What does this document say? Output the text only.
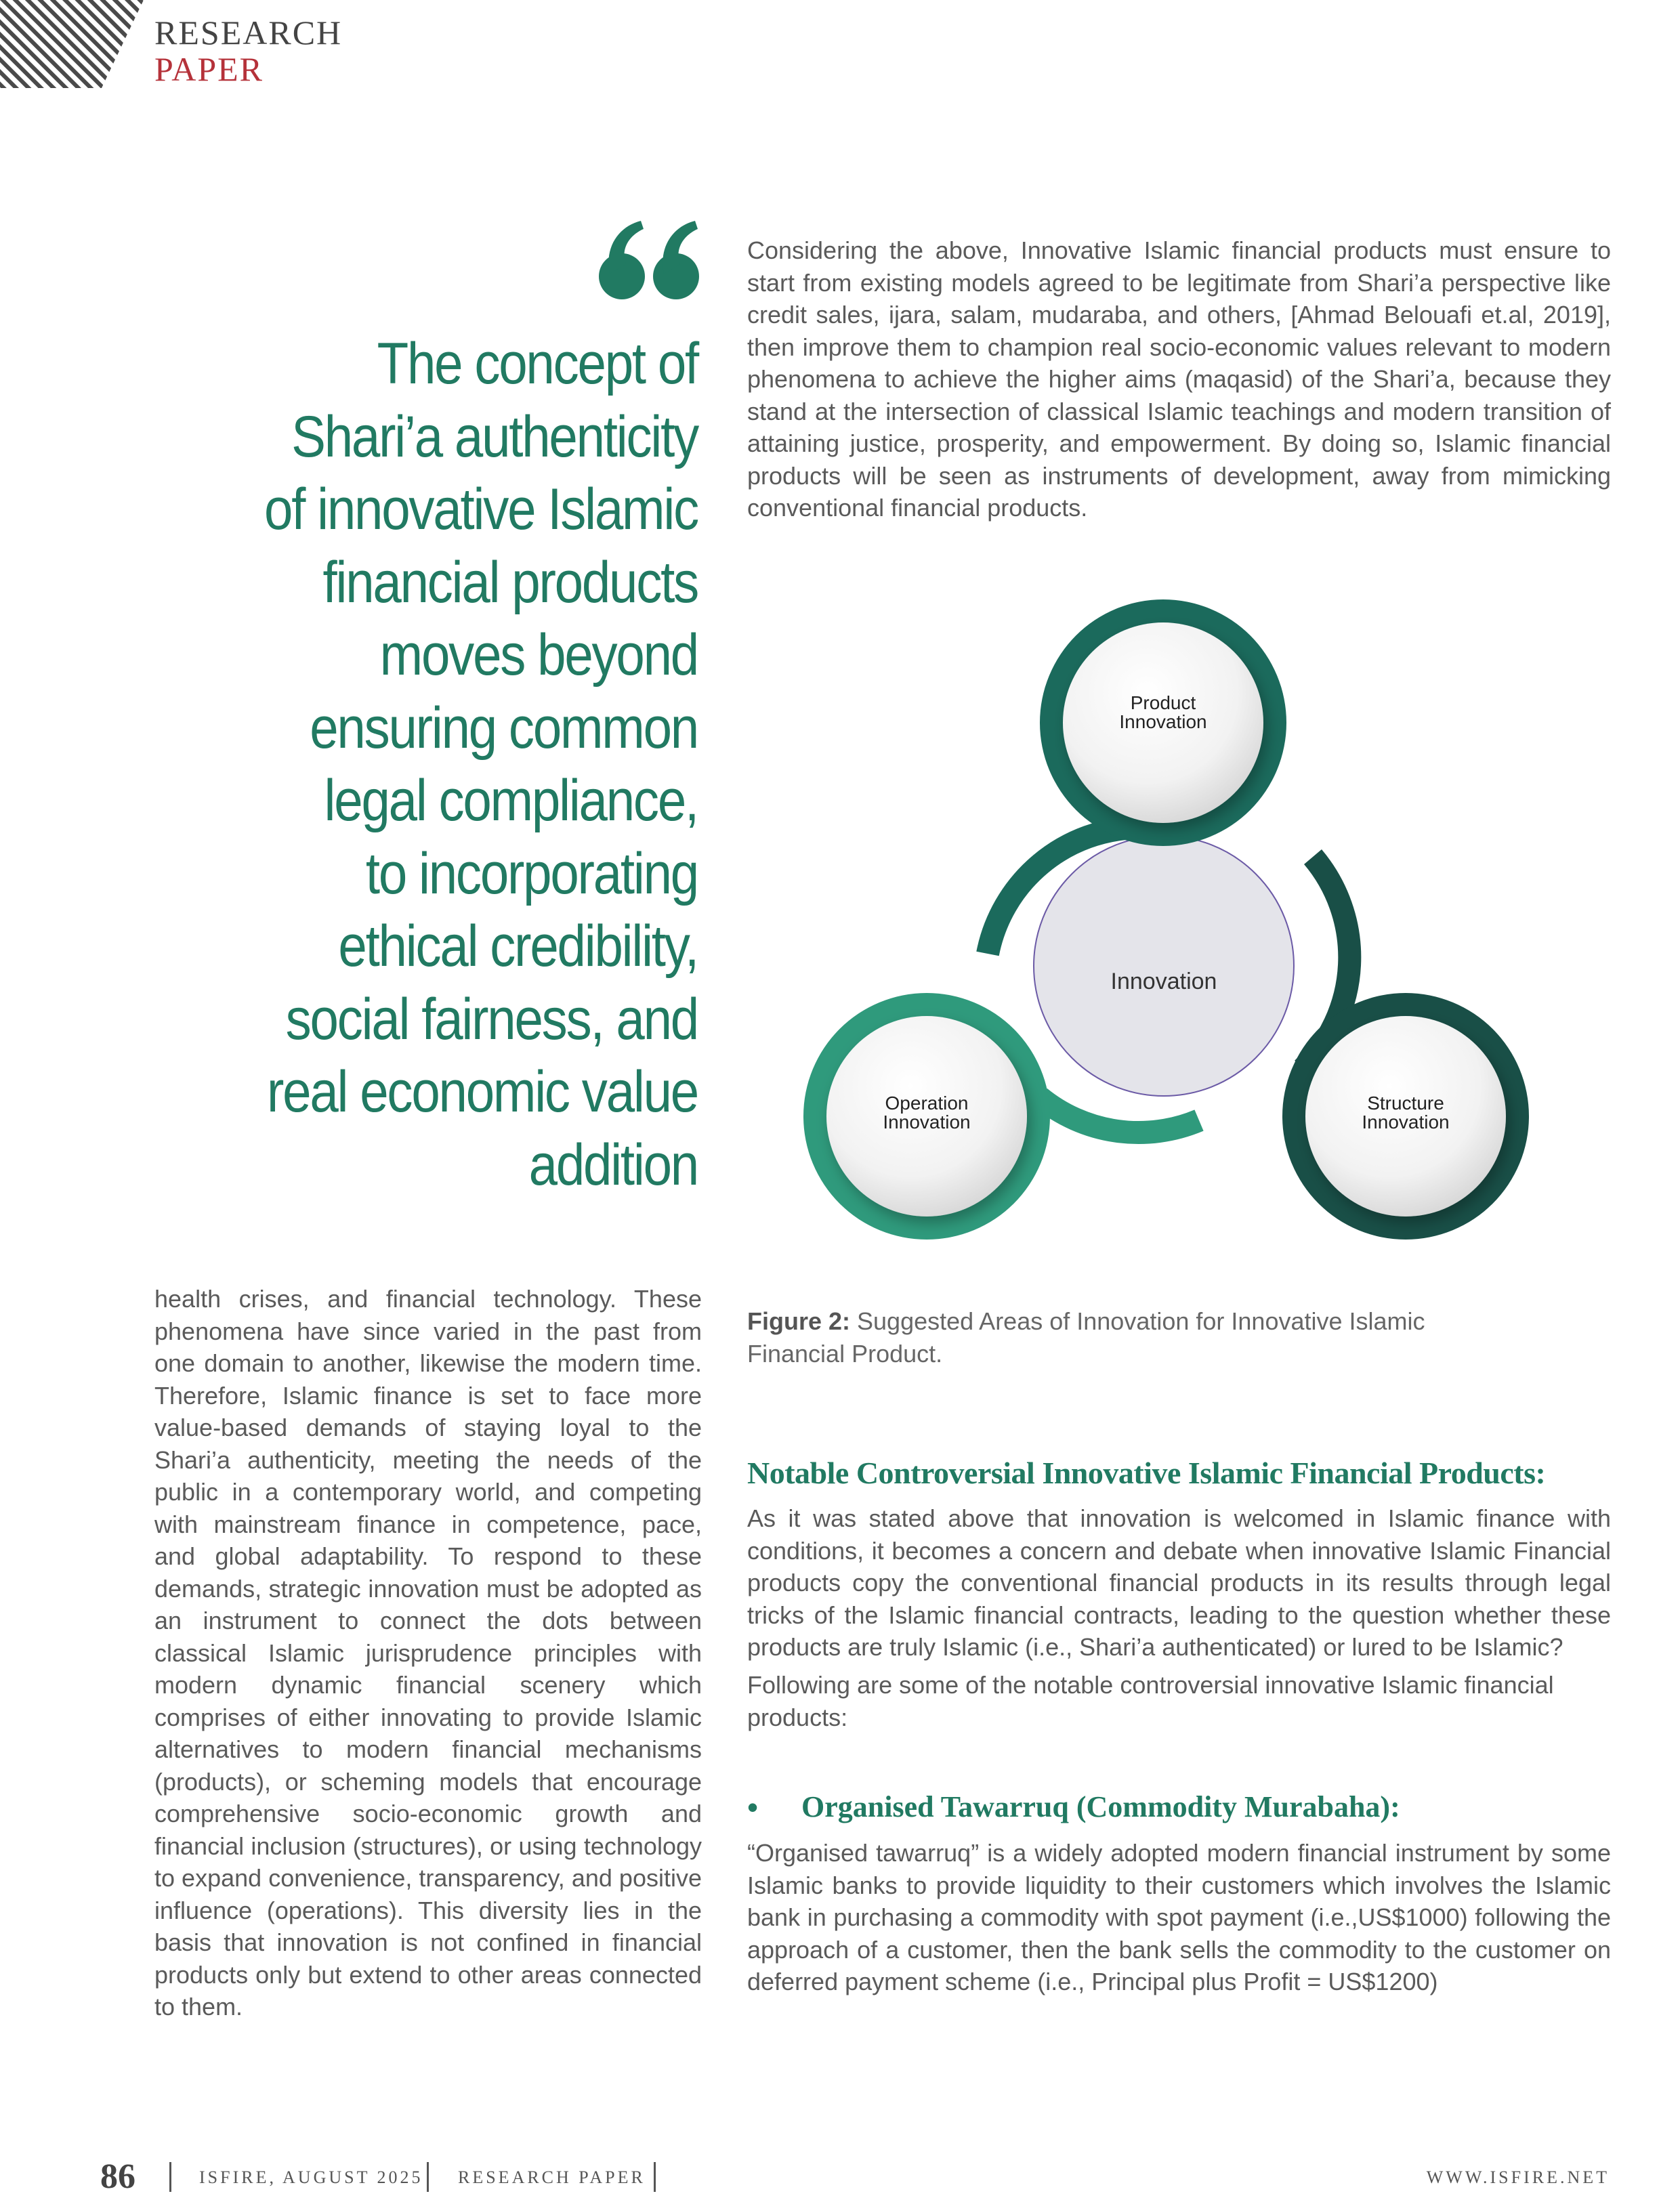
RESEARCH
PAPER
The concept of
Shari’a authenticity
of innovative Islamic
financial products
moves beyond
ensuring common
legal compliance,
to incorporating
ethical credibility,
social fairness, and
real economic value
addition

Considering the above, Innovative Islamic financial products must ensure to start from existing models agreed to be legitimate from Shari’a perspective like credit sales, ijara, salam, mudaraba, and others, [Ahmad Belouafi et.al, 2019], then improve them to champion real socio-economic values relevant to modern phenomena to achieve the higher aims (maqasid) of the Shari’a, because they stand at the intersection of classical Islamic teachings and modern transition of attaining justice, prosperity, and empowerment. By doing so, Islamic financial products will be seen as instruments of development, away from mimicking conventional financial products.

Innovation
Product
Innovation
Structure
Innovation
Operation
Innovation
Figure 2: Suggested Areas of Innovation for Innovative Islamic Financial Product.

health crises, and financial technology. These phenomena have since varied in the past from one domain to another, likewise the modern time. Therefore, Islamic finance is set to face more value-based demands of staying loyal to the Shari’a authenticity, meeting the needs of the public in a contemporary world, and competing with mainstream finance in competence, pace, and global adaptability. To respond to these demands, strategic innovation must be adopted as an instrument to connect the dots between classical Islamic jurisprudence principles with modern dynamic financial scenery which comprises of either innovating to provide Islamic alternatives to modern financial mechanisms (products), or scheming models that encourage comprehensive socio-economic growth and financial inclusion (structures), or using technology to expand convenience, transparency, and positive influence (operations). This diversity lies in the basis that innovation is not confined in financial products only but extend to other areas connected to them.

Notable Controversial Innovative Islamic Financial Products:

As it was stated above that innovation is welcomed in Islamic finance with conditions, it becomes a concern and debate when innovative Islamic Financial products copy the conventional financial products in its results through legal tricks of the Islamic financial contracts, leading to the question whether these products are truly Islamic (i.e., Shari’a authenticated) or lured to be Islamic?

Following are some of the notable controversial innovative Islamic financial products:

• Organised Tawarruq (Commodity Murabaha):

“Organised tawarruq” is a widely adopted modern financial instrument by some Islamic banks to provide liquidity to their customers which involves the Islamic bank in purchasing a commodity with spot payment (i.e.,US$1000) following the approach of a customer, then the bank sells the commodity to the customer on deferred payment scheme (i.e., Principal plus Profit = US$1200)

86	ISFIRE, AUGUST 2025 RESEARCH PAPER	WWW.ISFIRE.NET
